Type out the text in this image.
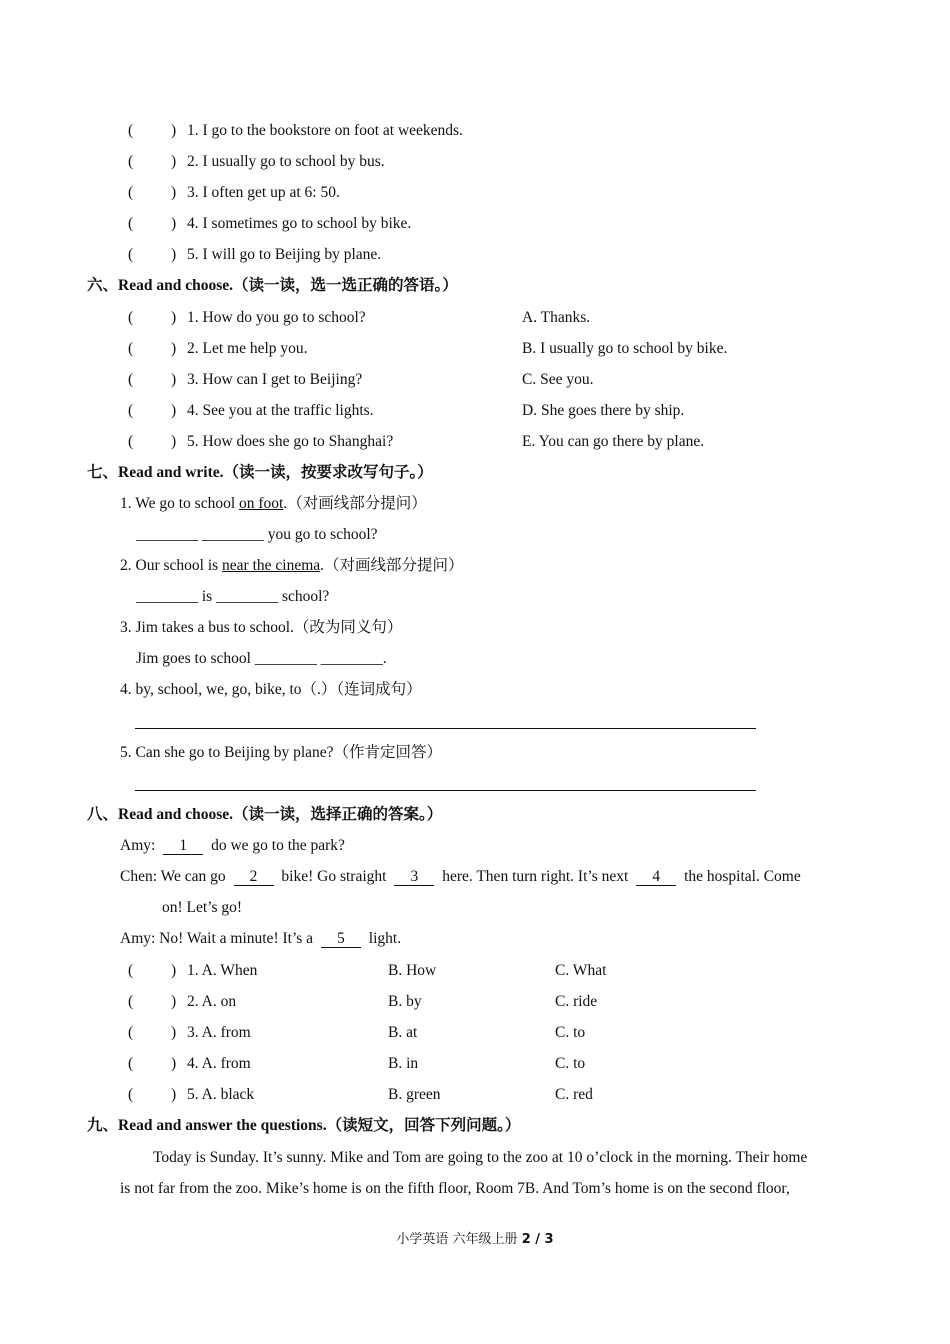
( ) 1. I go to the bookstore on foot at weekends.
( ) 2. I usually go to school by bus.
( ) 3. I often get up at 6: 50.
( ) 4. I sometimes go to school by bike.
( ) 5. I will go to Beijing by plane.
六、Read and choose.（读一读，选一选正确的答语。）
( ) 1. How do you go to school?	A. Thanks.
( ) 2. Let me help you.	B. I usually go to school by bike.
( ) 3. How can I get to Beijing?	C. See you.
( ) 4. See you at the traffic lights.	D. She goes there by ship.
( ) 5. How does she go to Shanghai?	E. You can go there by plane.
七、Read and write.（读一读，按要求改写句子。）
1. We go to school on foot.（对画线部分提问）
________ ________ you go to school?
2. Our school is near the cinema.（对画线部分提问）
________ is ________ school?
3. Jim takes a bus to school.（改为同义句）
Jim goes to school ________ ________.
4. by, school, we, go, bike, to（.）（连词成句）
5. Can she go to Beijing by plane?（作肯定回答）
八、Read and choose.（读一读，选择正确的答案。）
Amy: 1 do we go to the park?
Chen: We can go 2 bike! Go straight 3 here. Then turn right. It’s next 4 the hospital. Come
on! Let’s go!
Amy: No! Wait a minute! It’s a 5 light.
( ) 1. A. When	B. How	C. What
( ) 2. A. on	B. by	C. ride
( ) 3. A. from	B. at	C. to
( ) 4. A. from	B. in	C. to
( ) 5. A. black	B. green	C. red
九、Read and answer the questions.（读短文，回答下列问题。）
Today is Sunday. It’s sunny. Mike and Tom are going to the zoo at 10 o’clock in the morning. Their home
is not far from the zoo. Mike’s home is on the fifth floor, Room 7B. And Tom’s home is on the second floor,
小学英语 六年级上册 2 / 3
